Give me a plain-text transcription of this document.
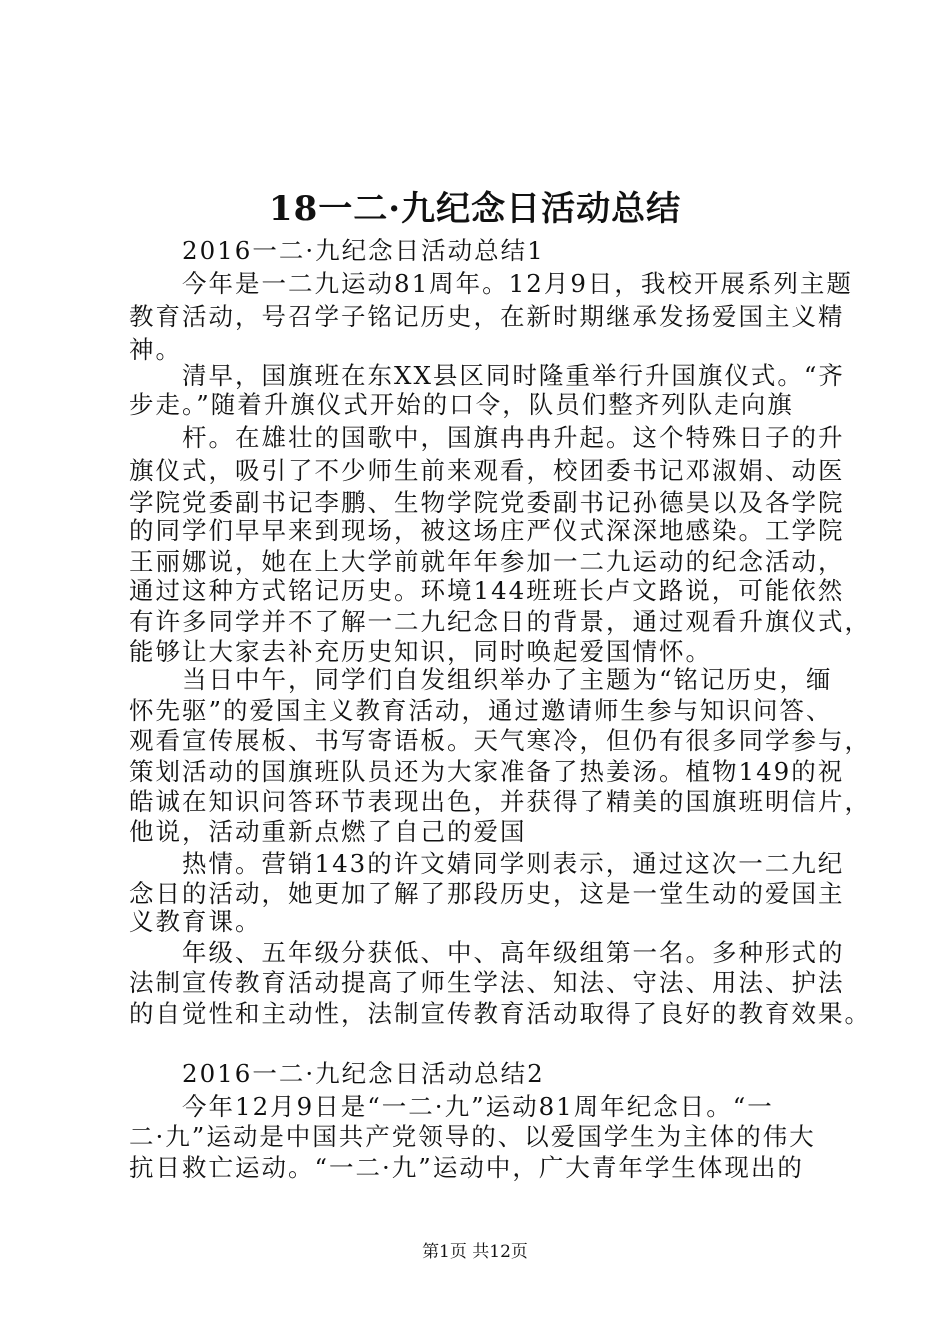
18一二·九纪念日活动总结
　　2016一二·九纪念日活动总结1
　　今年是一二九运动81周年。12月9日，我校开展系列主题
教育活动，号召学子铭记历史，在新时期继承发扬爱国主义精
神。
　　清早，国旗班在东XX县区同时隆重举行升国旗仪式。“齐
步走。”随着升旗仪式开始的口令，队员们整齐列队走向旗
　　杆。在雄壮的国歌中，国旗冉冉升起。这个特殊日子的升
旗仪式，吸引了不少师生前来观看，校团委书记邓淑娟、动医
学院党委副书记李鹏、生物学院党委副书记孙德昊以及各学院
的同学们早早来到现场，被这场庄严仪式深深地感染。工学院
王丽娜说，她在上大学前就年年参加一二九运动的纪念活动，
通过这种方式铭记历史。环境144班班长卢文路说，可能依然
有许多同学并不了解一二九纪念日的背景，通过观看升旗仪式，
能够让大家去补充历史知识，同时唤起爱国情怀。
　　当日中午，同学们自发组织举办了主题为“铭记历史，缅
怀先驱”的爱国主义教育活动，通过邀请师生参与知识问答、
观看宣传展板、书写寄语板。天气寒冷，但仍有很多同学参与，
策划活动的国旗班队员还为大家准备了热姜汤。植物149的祝
皓诚在知识问答环节表现出色，并获得了精美的国旗班明信片，
他说，活动重新点燃了自己的爱国
　　热情。营销143的许文婧同学则表示，通过这次一二九纪
念日的活动，她更加了解了那段历史，这是一堂生动的爱国主
义教育课。
　　年级、五年级分获低、中、高年级组第一名。多种形式的
法制宣传教育活动提高了师生学法、知法、守法、用法、护法
的自觉性和主动性，法制宣传教育活动取得了良好的教育效果。
　　2016一二·九纪念日活动总结2
　　今年12月9日是“一二·九”运动81周年纪念日。“一
二·九”运动是中国共产党领导的、以爱国学生为主体的伟大
抗日救亡运动。“一二·九”运动中，广大青年学生体现出的
第1页 共12页
